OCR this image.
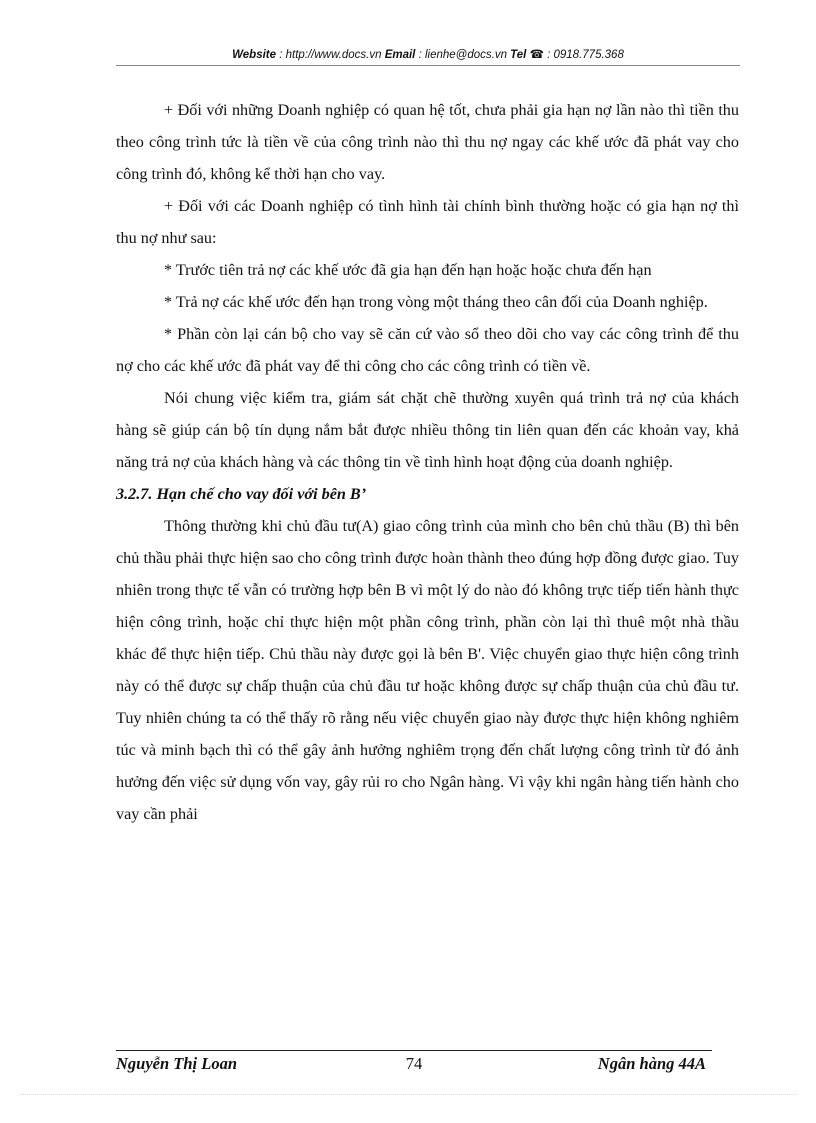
Website : http://www.docs.vn Email : lienhe@docs.vn Tel ☎ : 0918.775.368

+ Đối với những Doanh nghiệp có quan hệ tốt, chưa phải gia hạn nợ lần nào thì tiền thu theo công trình tức là tiền về của công trình nào thì thu nợ ngay các khế ước đã phát vay cho công trình đó, không kể thời hạn cho vay.

+ Đối với các Doanh nghiệp có tình hình tài chính bình thường hoặc có gia hạn nợ thì thu nợ như sau:

* Trước tiên trả nợ các khế ước đã gia hạn đến hạn hoặc hoặc chưa đến hạn

* Trả nợ các khế ước đến hạn trong vòng một tháng theo cân đối của Doanh nghiệp.

* Phần còn lại cán bộ cho vay sẽ căn cứ vào sổ theo dõi cho vay các công trình để thu nợ cho các khế ước đã phát vay để thi công cho các công trình có tiền về.

Nói chung việc kiểm tra, giám sát chặt chẽ thường xuyên quá trình trả nợ của khách hàng sẽ giúp cán bộ tín dụng nắm bắt được nhiều thông tin liên quan đến các khoản vay, khả năng trả nợ của khách hàng và các thông tin về tình hình hoạt động của doanh nghiệp.

3.2.7. Hạn chế cho vay đối với bên B’

Thông thường khi chủ đầu tư(A) giao công trình của mình cho bên chủ thầu (B) thì bên chủ thầu phải thực hiện sao cho công trình được hoàn thành theo đúng hợp đồng được giao. Tuy nhiên trong thực tế vẫn có trường hợp bên B vì một lý do nào đó không trực tiếp tiến hành thực hiện công trình, hoặc chỉ thực hiện một phần công trình, phần còn lại thì thuê một nhà thầu khác để thực hiện tiếp. Chủ thầu này được gọi là bên B'. Việc chuyển giao thực hiện công trình này có thể được sự chấp thuận của chủ đầu tư hoặc không được sự chấp thuận của chủ đầu tư. Tuy nhiên chúng ta có thể thấy rõ rằng nếu việc chuyển giao này được thực hiện không nghiêm túc và minh bạch thì có thể gây ảnh hưởng nghiêm trọng đến chất lượng công trình từ đó ảnh hưởng đến việc sử dụng vốn vay, gây rủi ro cho Ngân hàng. Vì vậy khi ngân hàng tiến hành cho vay cần phải

Nguyễn Thị Loan	74	Ngân hàng 44A
